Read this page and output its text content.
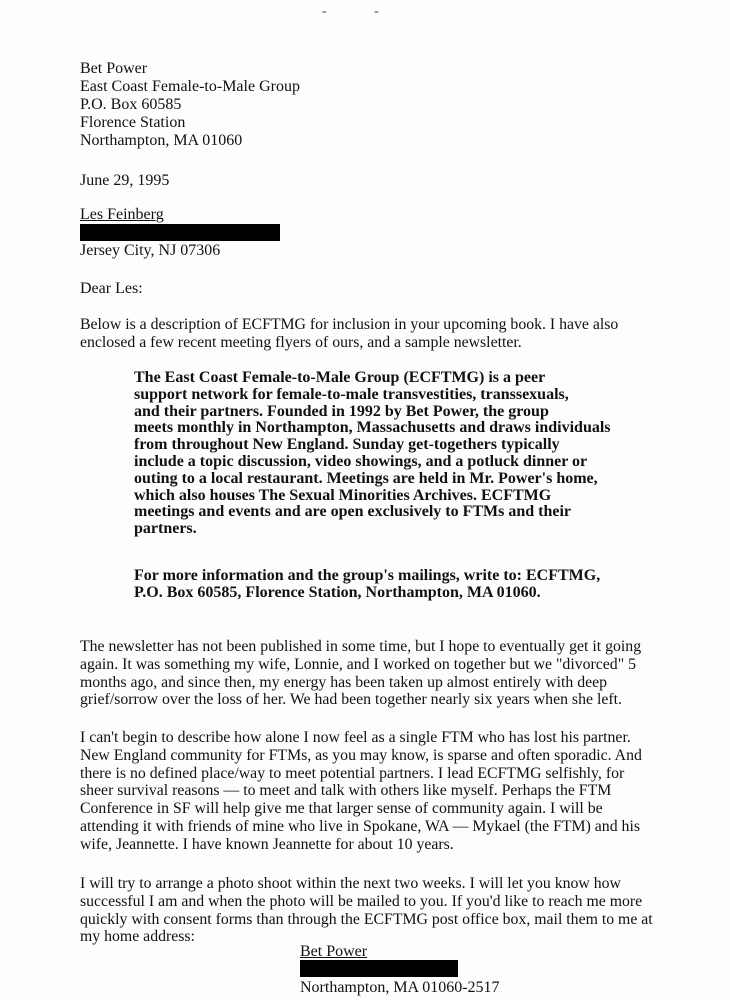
- -
Bet Power
East Coast Female-to-Male Group
P.O. Box 60585
Florence Station
Northampton, MA 01060
June 29, 1995
Les Feinberg
Jersey City, NJ 07306
Dear Les:
Below is a description of ECFTMG for inclusion in your upcoming book. I have also
enclosed a few recent meeting flyers of ours, and a sample newsletter.
The East Coast Female-to-Male Group (ECFTMG) is a peer
support network for female-to-male transvestities, transsexuals,
and their partners. Founded in 1992 by Bet Power, the group
meets monthly in Northampton, Massachusetts and draws individuals
from throughout New England. Sunday get-togethers typically
include a topic discussion, video showings, and a potluck dinner or
outing to a local restaurant. Meetings are held in Mr. Power's home,
which also houses The Sexual Minorities Archives. ECFTMG
meetings and events and are open exclusively to FTMs and their
partners.
For more information and the group's mailings, write to: ECFTMG,
P.O. Box 60585, Florence Station, Northampton, MA 01060.
The newsletter has not been published in some time, but I hope to eventually get it going
again. It was something my wife, Lonnie, and I worked on together but we "divorced" 5
months ago, and since then, my energy has been taken up almost entirely with deep
grief/sorrow over the loss of her. We had been together nearly six years when she left.
I can't begin to describe how alone I now feel as a single FTM who has lost his partner.
New England community for FTMs, as you may know, is sparse and often sporadic. And
there is no defined place/way to meet potential partners. I lead ECFTMG selfishly, for
sheer survival reasons — to meet and talk with others like myself. Perhaps the FTM
Conference in SF will help give me that larger sense of community again. I will be
attending it with friends of mine who live in Spokane, WA — Mykael (the FTM) and his
wife, Jeannette. I have known Jeannette for about 10 years.
I will try to arrange a photo shoot within the next two weeks. I will let you know how
successful I am and when the photo will be mailed to you. If you'd like to reach me more
quickly with consent forms than through the ECFTMG post office box, mail them to me at
my home address:
Bet Power
Northampton, MA 01060-2517
